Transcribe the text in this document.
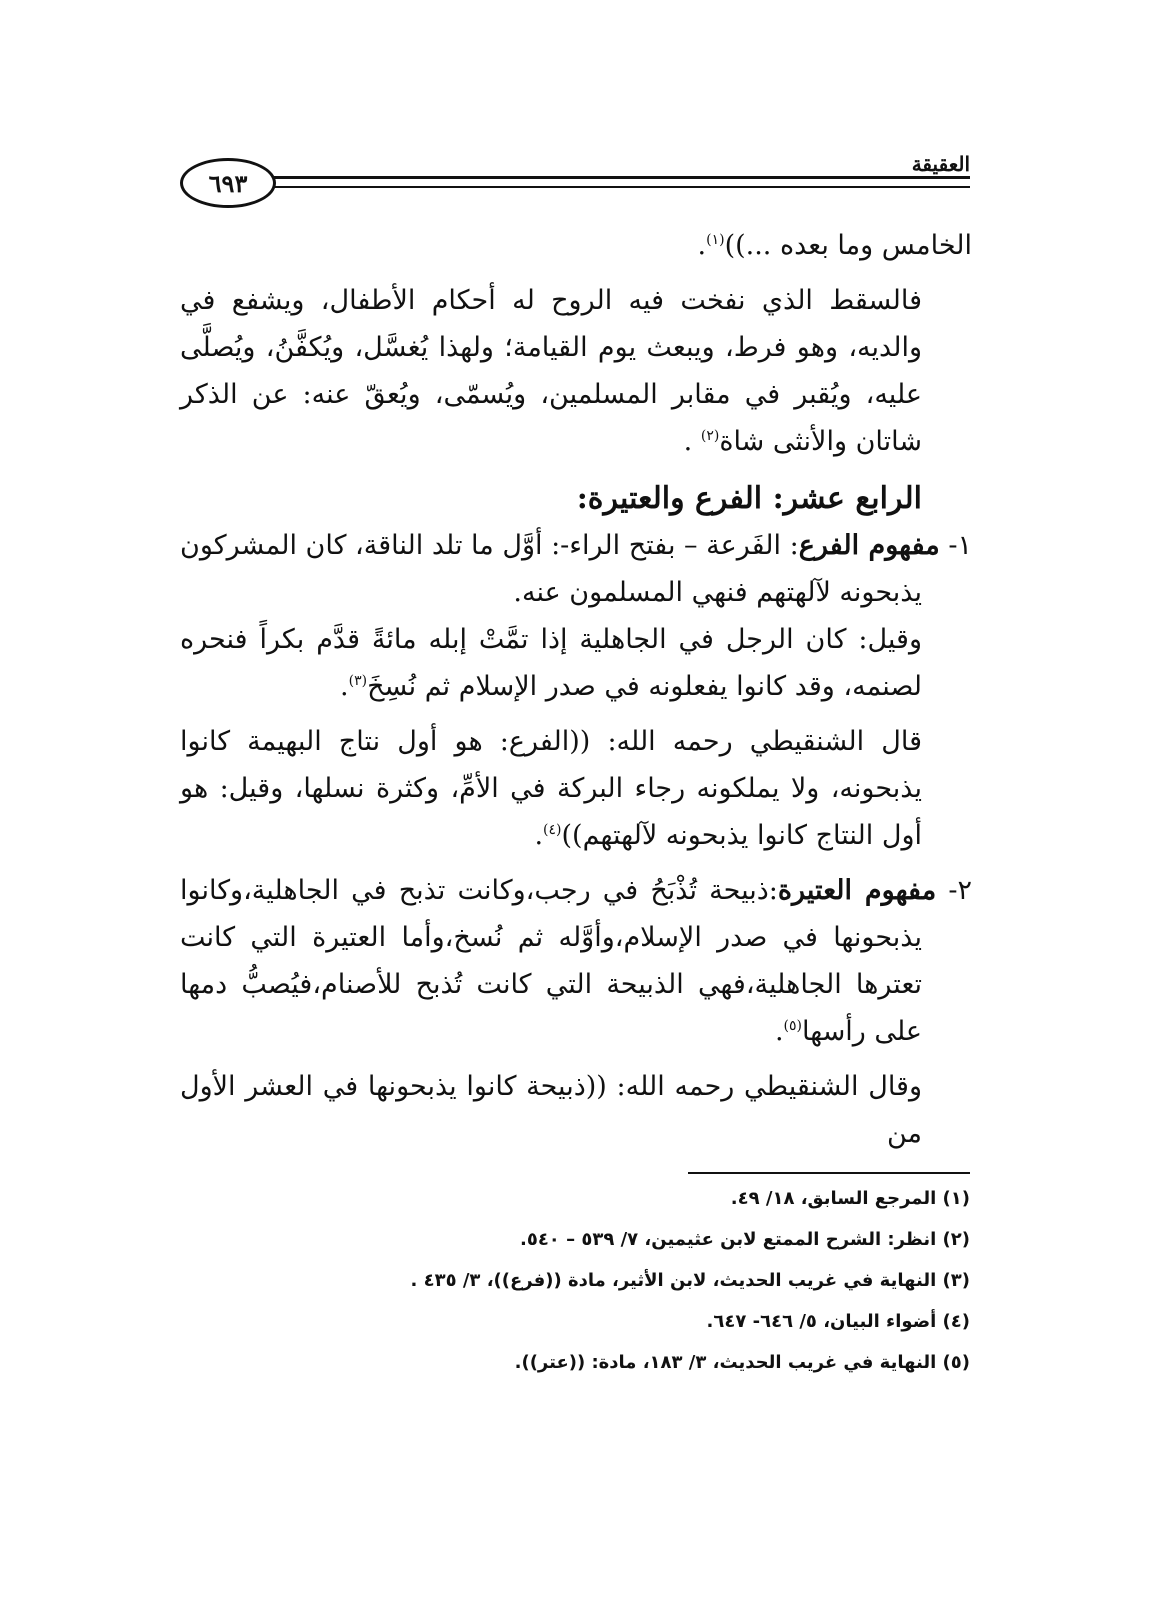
٦٩٣
العقيقة

الخامس وما بعده ...))$^{(١)}$.

فالسقط الذي نفخت فيه الروح له أحكام الأطفال، ويشفع في والديه، وهو فرط، ويبعث يوم القيامة؛ ولهذا يُغسَّل، ويُكفَّنُ، ويُصلَّى عليه، ويُقبر في مقابر المسلمين، ويُسمّى، ويُعقّ عنه: عن الذكر شاتان والأنثى شاة$^{(٢)}$ .

الرابع عشر: الفرع والعتيرة:

١- مفهوم الفرع: الفَرعة – بفتح الراء-: أوَّل ما تلد الناقة، كان المشركون يذبحونه لآلهتهم فنهي المسلمون عنه.

وقيل: كان الرجل في الجاهلية إذا تمَّتْ إبله مائةً قدَّم بكراً فنحره لصنمه، وقد كانوا يفعلونه في صدر الإسلام ثم نُسِخَ$^{(٣)}$.

قال الشنقيطي رحمه الله: ((الفرع: هو أول نتاج البهيمة كانوا يذبحونه، ولا يملكونه رجاء البركة في الأمِّ، وكثرة نسلها، وقيل: هو أول النتاج كانوا يذبحونه لآلهتهم))$^{(٤)}$.

٢- مفهوم العتيرة:ذبيحة تُذْبَحُ في رجب،وكانت تذبح في الجاهلية،وكانوا يذبحونها في صدر الإسلام،وأوَّله ثم نُسخ،وأما العتيرة التي كانت تعترها الجاهلية،فهي الذبيحة التي كانت تُذبح للأصنام،فيُصبُّ دمها على رأسها$^{(٥)}$.

وقال الشنقيطي رحمه الله: ((ذبيحة كانوا يذبحونها في العشر الأول من

(١) المرجع السابق، ١٨/ ٤٩.

(٢) انظر: الشرح الممتع لابن عثيمين، ٧/ ٥٣٩ – ٥٤٠.

(٣) النهاية في غريب الحديث، لابن الأثير، مادة ((فرع))، ٣/ ٤٣٥ .

(٤) أضواء البيان، ٥/ ٦٤٦- ٦٤٧.

(٥) النهاية في غريب الحديث، ٣/ ١٨٣، مادة: ((عتر)).
